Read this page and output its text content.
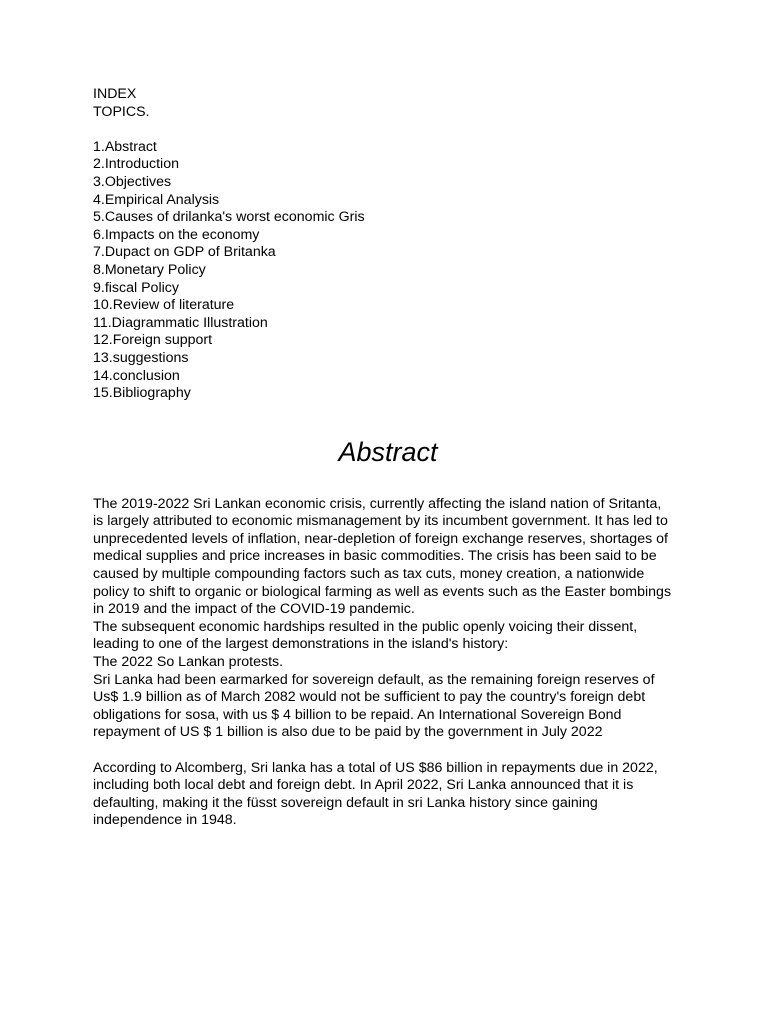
INDEX
TOPICS.
1.Abstract
2.Introduction
3.Objectives
4.Empirical Analysis
5.Causes of drilanka's worst economic Gris
6.Impacts on the economy
7.Dupact on GDP of Britanka
8.Monetary Policy
9.fiscal Policy
10.Review of literature
11.Diagrammatic Illustration
12.Foreign support
13.suggestions
14.conclusion
15.Bibliography
Abstract
The 2019-2022 Sri Lankan economic crisis, currently affecting the island nation of Sritanta,
is largely attributed to economic mismanagement by its incumbent government. It has led to
unprecedented levels of inflation, near-depletion of foreign exchange reserves, shortages of
medical supplies and price increases in basic commodities. The crisis has been said to be
caused by multiple compounding factors such as tax cuts, money creation, a nationwide
policy to shift to organic or biological farming as well as events such as the Easter bombings
in 2019 and the impact of the COVID-19 pandemic.
The subsequent economic hardships resulted in the public openly voicing their dissent,
leading to one of the largest demonstrations in the island's history:
The 2022 So Lankan protests.
Sri Lanka had been earmarked for sovereign default, as the remaining foreign reserves of
Us$ 1.9 billion as of March 2082 would not be sufficient to pay the country's foreign debt
obligations for sosa, with us $ 4 billion to be repaid. An International Sovereign Bond
repayment of US $ 1 billion is also due to be paid by the government in July 2022
According to Alcomberg, Sri lanka has a total of US $86 billion in repayments due in 2022,
including both local debt and foreign debt. In April 2022, Sri Lanka announced that it is
defaulting, making it the füsst sovereign default in sri Lanka history since gaining
independence in 1948.
